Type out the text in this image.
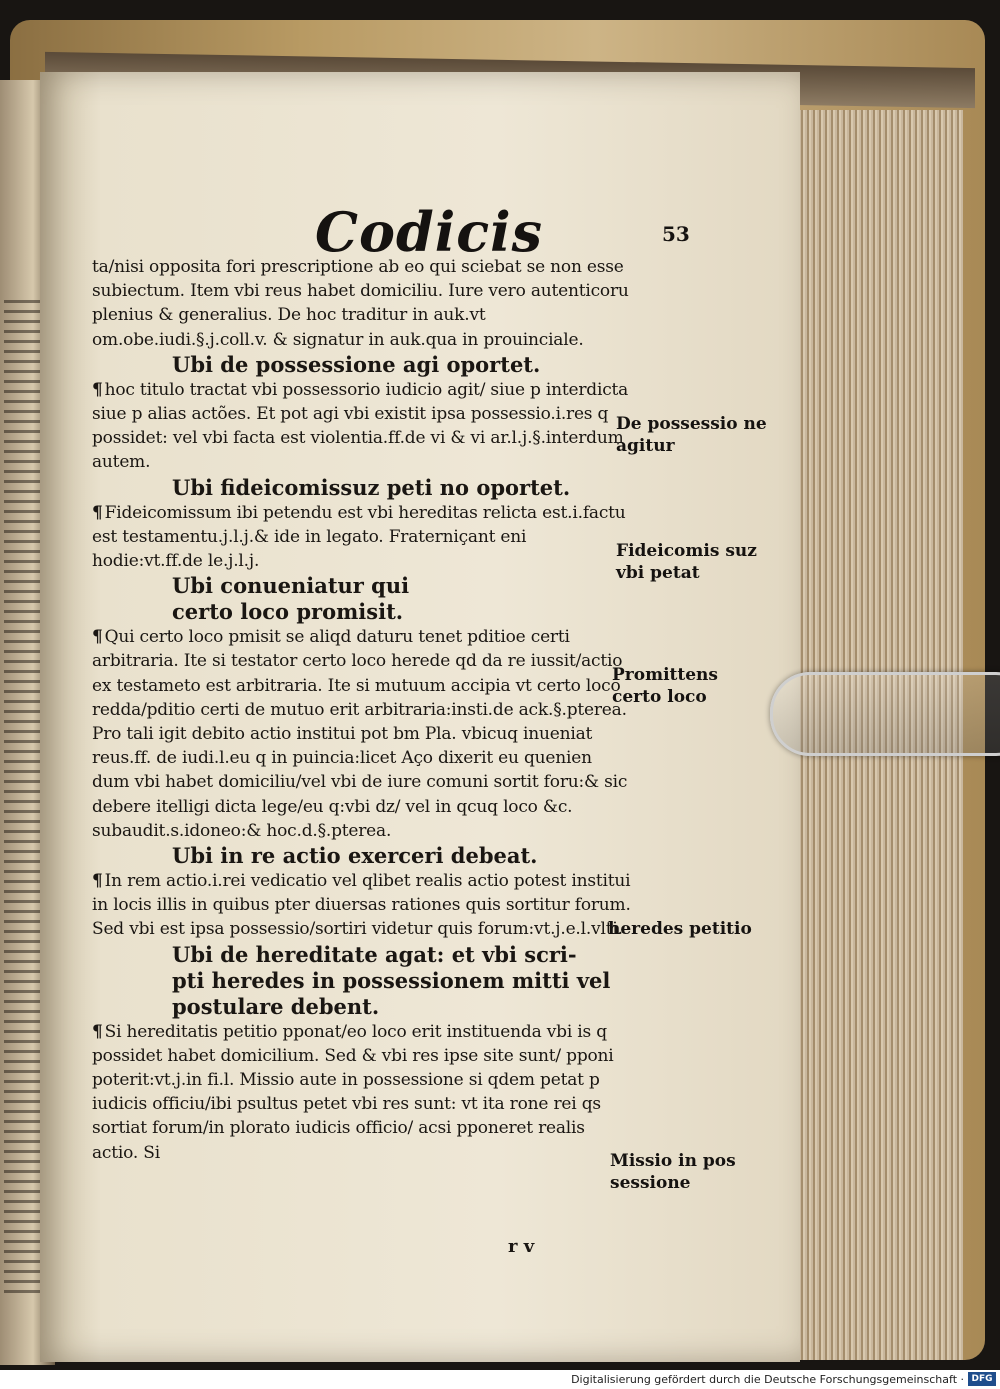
Codicis	53

ta/nisi opposita fori prescriptione ab eo qui sciebat se non esse subiectum. Item vbi reus habet domiciliu. Iure vero autenticoru plenius & generalius. De hoc traditur in auk.vt om.obe.iudi.§.j.coll.v. & signatur in auk.qua in prouinciale.

Ubi de possessione agi oportet.

¶ hoc titulo tractat vbi possessorio iudicio agit/ siue p interdicta siue p alias actões. Et pot agi vbi existit ipsa possessio.i.res q possidet: vel vbi facta est violentia.ff.de vi & vi ar.l.j.§.interdum autem.

Ubi fideicomissuz peti no oportet.

¶ Fideicomissum ibi petendu est vbi hereditas relicta est.i.factu est testamentu.j.l.j.& ide in legato. Fraterniçant eni hodie:vt.ff.de le.j.l.j.

Ubi conueniatur qui

certo loco promisit.

¶ Qui certo loco pmisit se aliqd daturu tenet pditioe certi arbitraria. Ite si testator certo loco herede qd da re iussit/actio ex testameto est arbitraria. Ite si mutuum accipia vt certo loco redda/pditio certi de mutuo erit arbitraria:insti.de ack.§.pterea. Pro tali igit debito actio institui pot bm Pla. vbicuq inueniat reus.ff. de iudi.l.eu q in puincia:licet Aço dixerit eu quenien dum vbi habet domiciliu/vel vbi de iure comuni sortit foru:& sic debere itelligi dicta lege/eu q:vbi dz/ vel in qcuq loco &c. subaudit.s.idoneo:& hoc.d.§.pterea.

Ubi in re actio exerceri debeat.

¶ In rem actio.i.rei vedicatio vel qlibet realis actio potest institui in locis illis in quibus pter diuersas rationes quis sortitur forum. Sed vbi est ipsa possessio/sortiri videtur quis forum:vt.j.e.l.vlti.

Ubi de hereditate agat: et vbi scri-

pti heredes in possessionem mitti vel

postulare debent.

¶ Si hereditatis petitio pponat/eo loco erit instituenda vbi is q possidet habet domicilium. Sed & vbi res ipse site sunt/ pponi poterit:vt.j.in fi.l. Missio aute in possessione si qdem petat p iudicis officiu/ibi psultus petet vbi res sunt: vt ita rone rei qs sortiat forum/in plorato iudicis officio/ acsi pponeret realis actio. Si

De possessio ne agitur
Fideicomis suz vbi petat
Promittens certo loco
heredes petitio
Missio in pos sessione
r v
Digitalisierung gefördert durch die Deutsche Forschungsgemeinschaft · DFG
